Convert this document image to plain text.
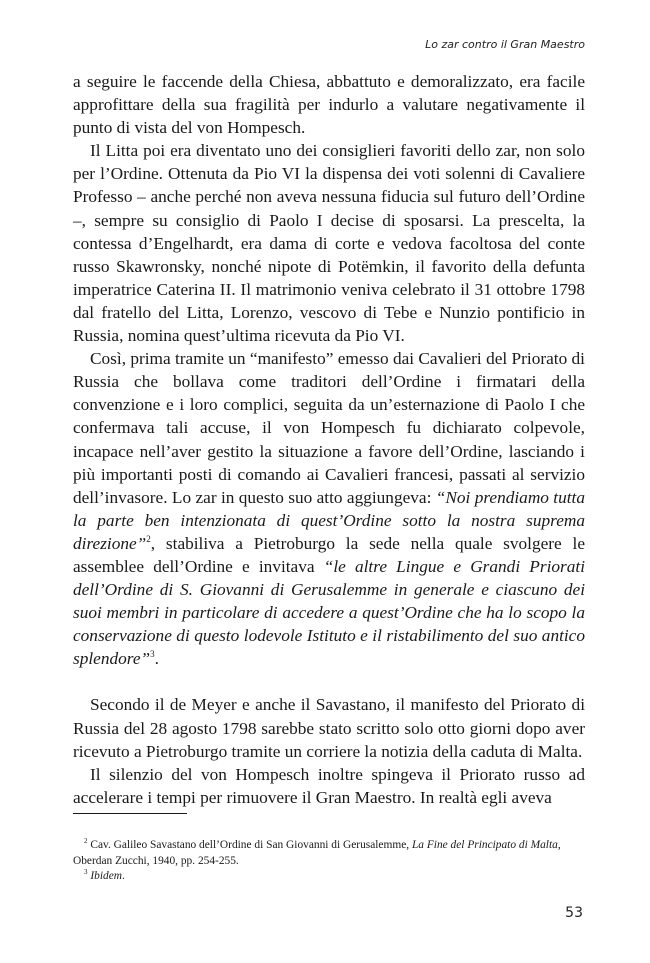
Lo zar contro il Gran Maestro

a seguire le faccende della Chiesa, abbattuto e demoralizzato, era facile approfittare della sua fragilità per indurlo a valutare negativamente il punto di vista del von Hompesch.

Il Litta poi era diventato uno dei consiglieri favoriti dello zar, non solo per l’Ordine. Ottenuta da Pio VI la dispensa dei voti solenni di Cavaliere Professo – anche perché non aveva nessuna fiducia sul futuro dell’Ordine –, sempre su consiglio di Paolo I decise di sposarsi. La prescelta, la contessa d’Engelhardt, era dama di corte e vedova facoltosa del conte russo Skawronsky, nonché nipote di Potëmkin, il favorito della defunta imperatrice Caterina II. Il matrimonio veniva celebrato il 31 ottobre 1798 dal fratello del Litta, Lorenzo, vescovo di Tebe e Nunzio pontificio in Russia, nomina quest’ultima ricevuta da Pio VI.

Così, prima tramite un “manifesto” emesso dai Cavalieri del Priorato di Russia che bollava come traditori dell’Ordine i firmatari della convenzione e i loro complici, seguita da un’esternazione di Paolo I che confermava tali accuse, il von Hompesch fu dichiarato colpevole, incapace nell’aver gestito la situazione a favore dell’Ordine, lasciando i più importanti posti di comando ai Cavalieri francesi, passati al servizio dell’invasore. Lo zar in questo suo atto aggiungeva: “Noi prendiamo tutta la parte ben intenzionata di quest’Ordine sotto la nostra suprema direzione”$^2$, stabiliva a Pietroburgo la sede nella quale svolgere le assemblee dell’Ordine e invitava “le altre Lingue e Grandi Priorati dell’Ordine di S. Giovanni di Gerusalemme in generale e ciascuno dei suoi membri in particolare di accedere a quest’Ordine che ha lo scopo la conservazione di questo lodevole Istituto e il ristabilimento del suo antico splendore”$^3$.

Secondo il de Meyer e anche il Savastano, il manifesto del Priorato di Russia del 28 agosto 1798 sarebbe stato scritto solo otto giorni dopo aver ricevuto a Pietroburgo tramite un corriere la notizia della caduta di Malta.

Il silenzio del von Hompesch inoltre spingeva il Priorato russo ad accelerare i tempi per rimuovere il Gran Maestro. In realtà egli aveva

$^2$ Cav. Galileo Savastano dell’Ordine di San Giovanni di Gerusalemme, La Fine del Principato di Malta, Oberdan Zucchi, 1940, pp. 254-255.

$^3$ Ibidem.

53
